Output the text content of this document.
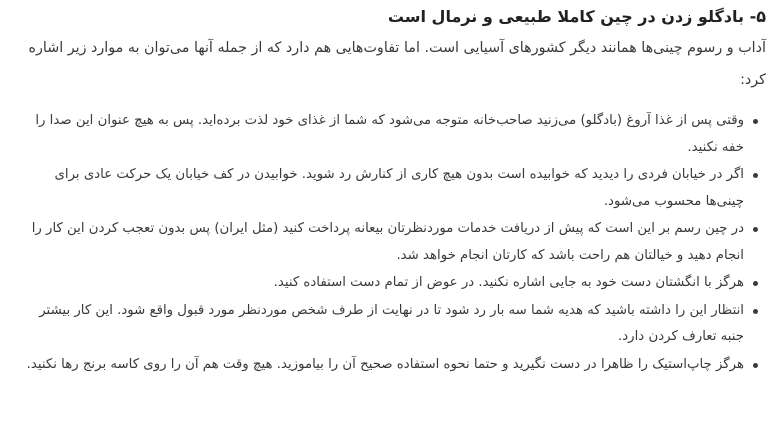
۵- بادگلو زدن در چین کاملا طبیعی و نرمال است

آداب و رسوم چینی‌ها همانند دیگر کشورهای آسیایی است. اما تفاوت‌هایی هم دارد که از جمله آنها می‌توان به موارد زیر اشاره کرد:

وقتی پس از غذا آروغ (بادگلو) می‌زنید صاحب‌خانه متوجه می‌شود که شما از غذای خود لذت برده‌اید. پس به هیچ عنوان این صدا را خفه نکنید.
اگر در خیابان فردی را دیدید که خوابیده است بدون هیچ کاری از کنارش رد شوید. خوابیدن در کف خیابان یک حرکت عادی برای چینی‌ها محسوب می‌شود.
در چین رسم بر این است که پیش از دریافت خدمات موردنظرتان بیعانه پرداخت کنید (مثل ایران) پس بدون تعجب کردن این کار را انجام دهید و خیالتان هم راحت باشد که کارتان انجام خواهد شد.
هرگز با انگشتان دست خود به جایی اشاره نکنید. در عوض از تمام دست استفاده کنید.
انتظار این را داشته باشید که هدیه شما سه بار رد شود تا در نهایت از طرف شخص موردنظر مورد قبول واقع شود. این کار بیشتر جنبه تعارف کردن دارد.
هرگز چاپ‌استیک را ظاهرا در دست نگیرید و حتما نحوه استفاده صحیح آن را بیاموزید. هیچ وقت هم آن را روی کاسه برنج رها نکنید.
